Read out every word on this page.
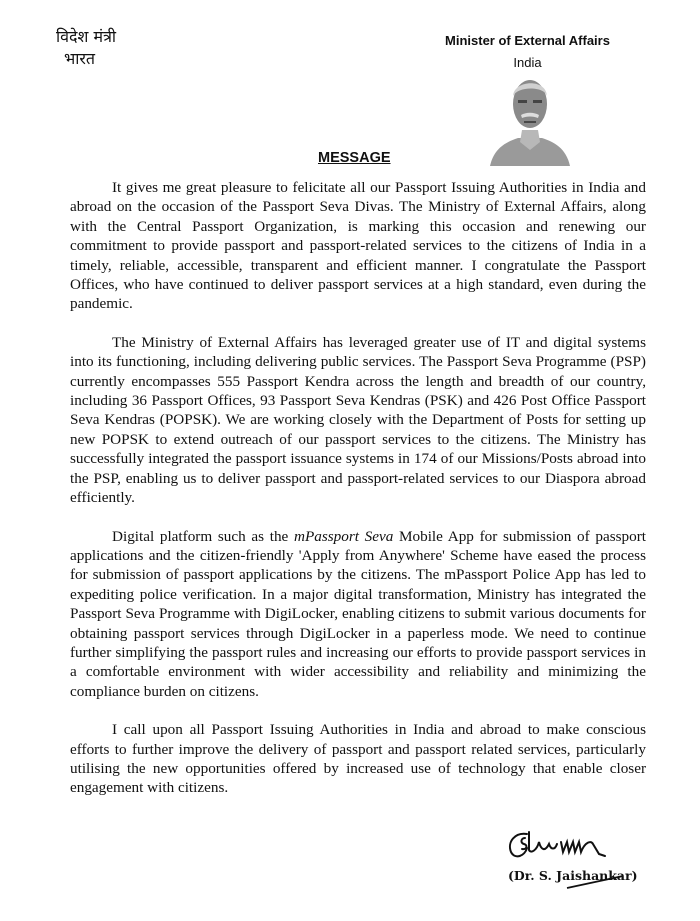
विदेश मंत्री
भारत
Minister of External Affairs
India
MESSAGE

It gives me great pleasure to felicitate all our Passport Issuing Authorities in India and abroad on the occasion of the Passport Seva Divas. The Ministry of External Affairs, along with the Central Passport Organization, is marking this occasion and renewing our commitment to provide passport and passport-related services to the citizens of India in a timely, reliable, accessible, transparent and efficient manner. I congratulate the Passport Offices, who have continued to deliver passport services at a high standard, even during the pandemic.

The Ministry of External Affairs has leveraged greater use of IT and digital systems into its functioning, including delivering public services. The Passport Seva Programme (PSP) currently encompasses 555 Passport Kendra across the length and breadth of our country, including 36 Passport Offices, 93 Passport Seva Kendras (PSK) and 426 Post Office Passport Seva Kendras (POPSK). We are working closely with the Department of Posts for setting up new POPSK to extend outreach of our passport services to the citizens. The Ministry has successfully integrated the passport issuance systems in 174 of our Missions/Posts abroad into the PSP, enabling us to deliver passport and passport-related services to our Diaspora abroad efficiently.

Digital platform such as the mPassport Seva Mobile App for submission of passport applications and the citizen-friendly 'Apply from Anywhere' Scheme have eased the process for submission of passport applications by the citizens. The mPassport Police App has led to expediting police verification. In a major digital transformation, Ministry has integrated the Passport Seva Programme with DigiLocker, enabling citizens to submit various documents for obtaining passport services through DigiLocker in a paperless mode. We need to continue further simplifying the passport rules and increasing our efforts to provide passport services in a comfortable environment with wider accessibility and reliability and minimizing the compliance burden on citizens.

I call upon all Passport Issuing Authorities in India and abroad to make conscious efforts to further improve the delivery of passport and passport related services, particularly utilising the new opportunities offered by increased use of technology that enable closer engagement with citizens.

(Dr. S. Jaishankar)
